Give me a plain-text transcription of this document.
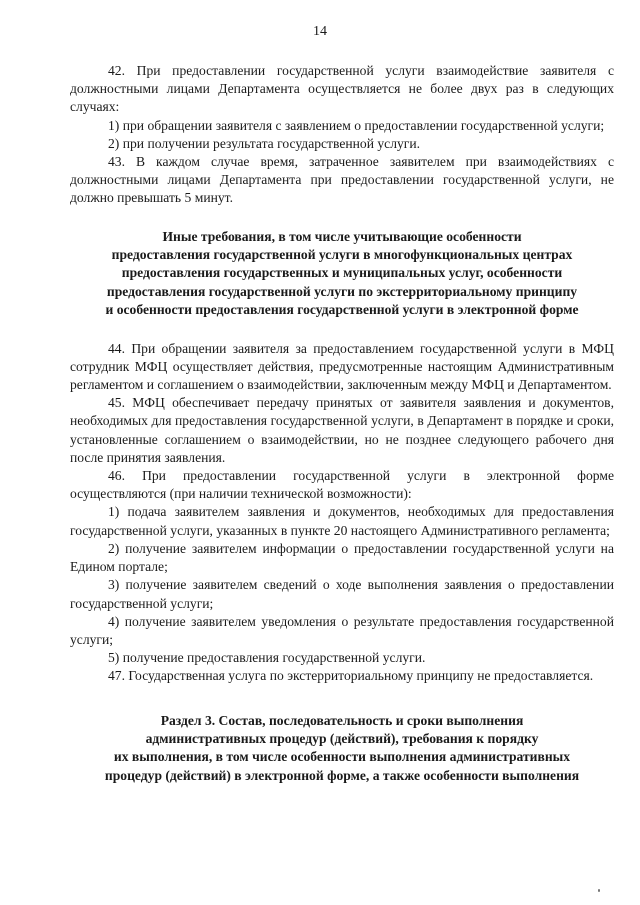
14

42. При предоставлении государственной услуги взаимодействие заявителя с должностными лицами Департамента осуществляется не более двух раз в следующих случаях:

1) при обращении заявителя с заявлением о предоставлении государственной услуги;

2) при получении результата государственной услуги.

43. В каждом случае время, затраченное заявителем при взаимодействиях с должностными лицами Департамента при предоставлении государственной услуги, не должно превышать 5 минут.

Иные требования, в том числе учитывающие особенности

предоставления государственной услуги в многофункциональных центрах

предоставления государственных и муниципальных услуг, особенности

предоставления государственной услуги по экстерриториальному принципу

и особенности предоставления государственной услуги в электронной форме

44. При обращении заявителя за предоставлением государственной услуги в МФЦ сотрудник МФЦ осуществляет действия, предусмотренные настоящим Административным регламентом и соглашением о взаимодействии, заключенным между МФЦ и Департаментом.

45. МФЦ обеспечивает передачу принятых от заявителя заявления и документов, необходимых для предоставления государственной услуги, в Департамент в порядке и сроки, установленные соглашением о взаимодействии, но не позднее следующего рабочего дня после принятия заявления.

46. При предоставлении государственной услуги в электронной форме осуществляются (при наличии технической возможности):

1) подача заявителем заявления и документов, необходимых для предоставления государственной услуги, указанных в пункте 20 настоящего Административного регламента;

2) получение заявителем информации о предоставлении государственной услуги на Едином портале;

3) получение заявителем сведений о ходе выполнения заявления о предоставлении государственной услуги;

4) получение заявителем уведомления о результате предоставления государственной услуги;

5) получение предоставления государственной услуги.

47. Государственная услуга по экстерриториальному принципу не предоставляется.

Раздел 3. Состав, последовательность и сроки выполнения

административных процедур (действий), требования к порядку

их выполнения, в том числе особенности выполнения административных

процедур (действий) в электронной форме, а также особенности выполнения
